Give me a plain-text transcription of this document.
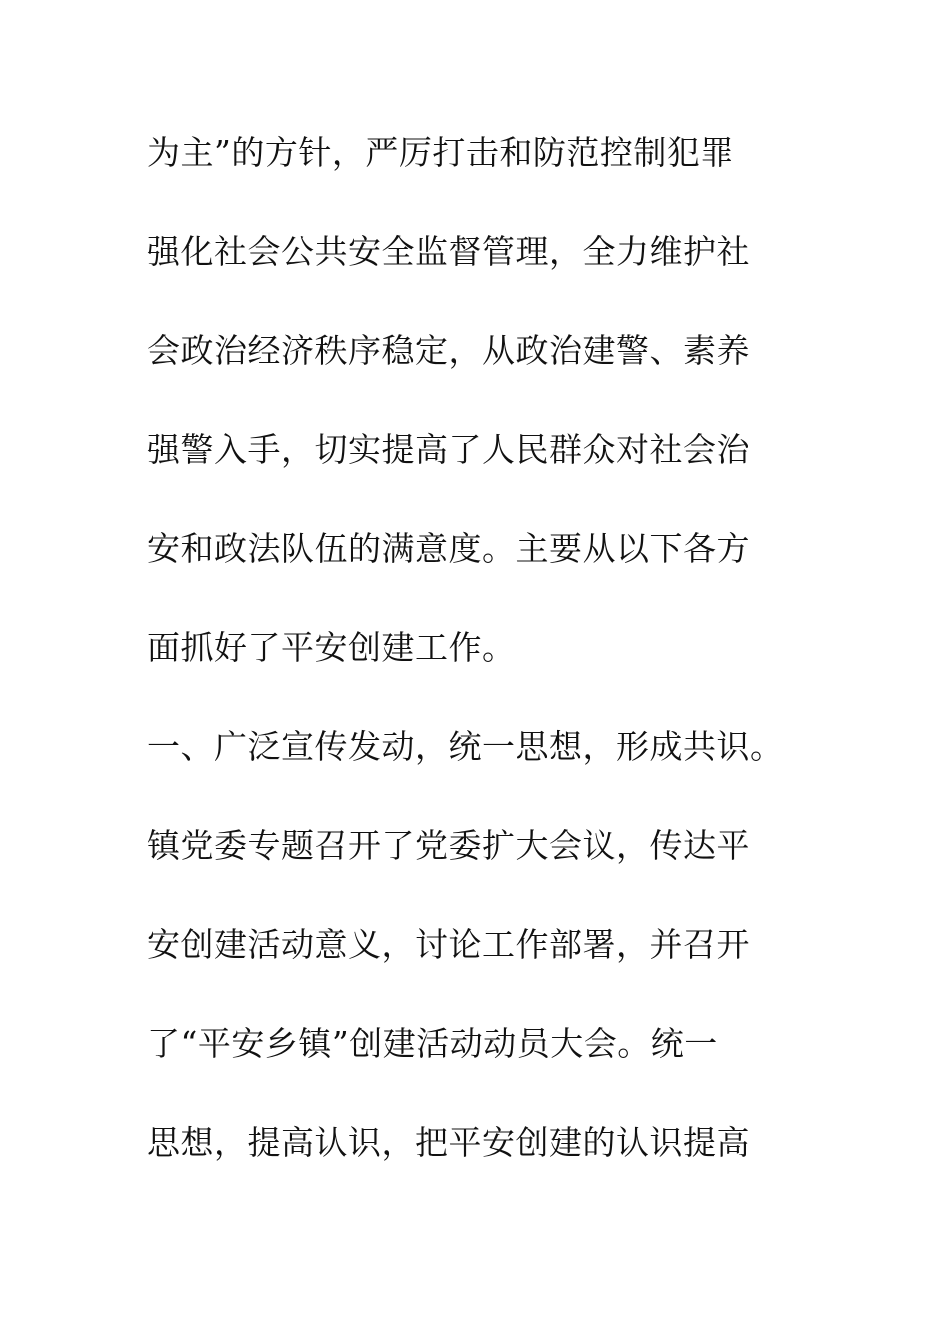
为主”的方针，严厉打击和防范控制犯罪
强化社会公共安全监督管理，全力维护社
会政治经济秩序稳定，从政治建警、素养
强警入手，切实提高了人民群众对社会治
安和政法队伍的满意度。主要从以下各方
面抓好了平安创建工作。
一、广泛宣传发动，统一思想，形成共识。
镇党委专题召开了党委扩大会议，传达平
安创建活动意义，讨论工作部署，并召开
了“平安乡镇”创建活动动员大会。统一
思想，提高认识，把平安创建的认识提高
